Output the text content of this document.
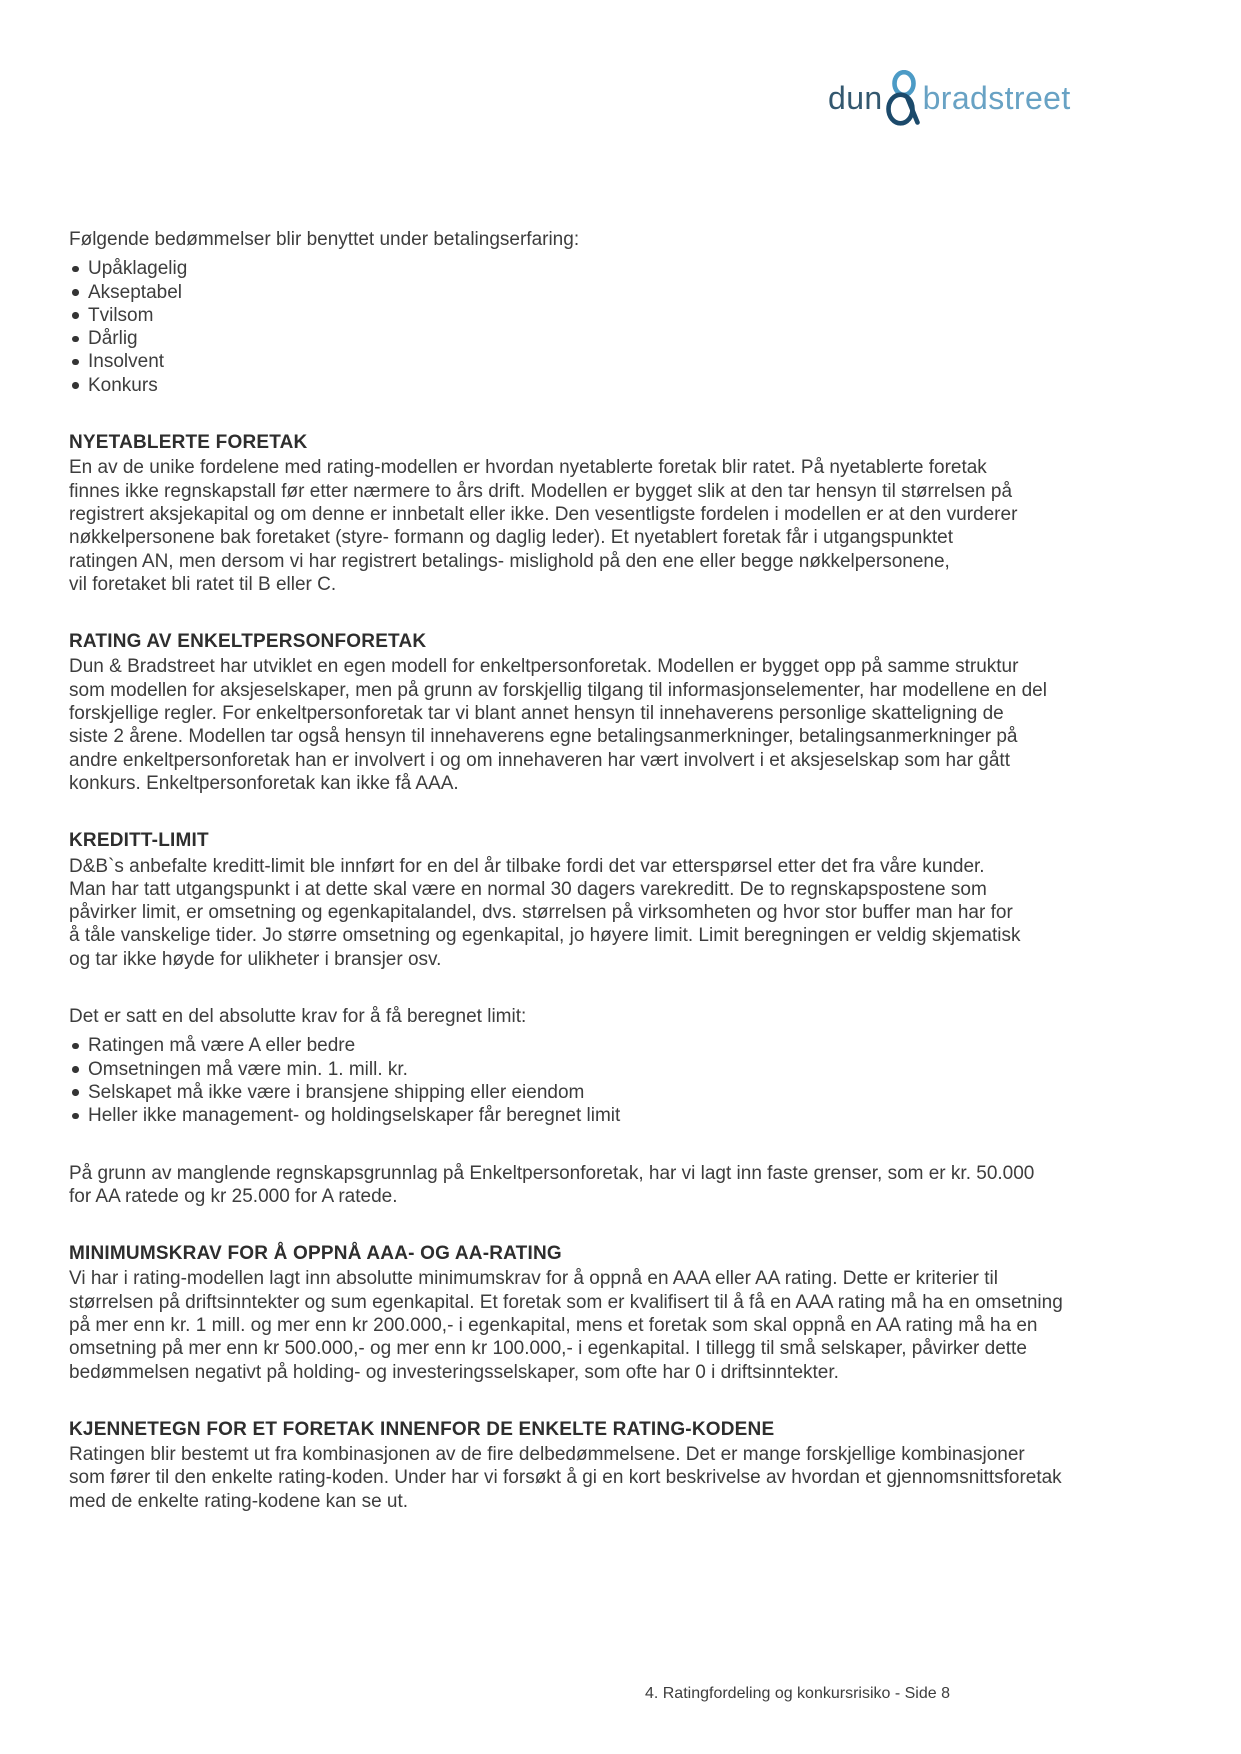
dun bradstreet
Følgende bedømmelser blir benyttet under betalingserfaring:
Upåklagelig
Akseptabel
Tvilsom
Dårlig
Insolvent
Konkurs
NYETABLERTE FORETAK
En av de unike fordelene med rating-modellen er hvordan nyetablerte foretak blir ratet. På nyetablerte foretak
finnes ikke regnskapstall før etter nærmere to års drift. Modellen er bygget slik at den tar hensyn til størrelsen på
registrert aksjekapital og om denne er innbetalt eller ikke. Den vesentligste fordelen i modellen er at den vurderer
nøkkelpersonene bak foretaket (styre- formann og daglig leder). Et nyetablert foretak får i utgangspunktet
ratingen AN, men dersom vi har registrert betalings- mislighold på den ene eller begge nøkkelpersonene,
vil foretaket bli ratet til B eller C.
RATING AV ENKELTPERSONFORETAK
Dun & Bradstreet har utviklet en egen modell for enkeltpersonforetak. Modellen er bygget opp på samme struktur
som modellen for aksjeselskaper, men på grunn av forskjellig tilgang til informasjonselementer, har modellene en del
forskjellige regler. For enkeltpersonforetak tar vi blant annet hensyn til innehaverens personlige skatteligning de
siste 2 årene. Modellen tar også hensyn til innehaverens egne betalingsanmerkninger, betalingsanmerkninger på
andre enkeltpersonforetak han er involvert i og om innehaveren har vært involvert i et aksjeselskap som har gått
konkurs. Enkeltpersonforetak kan ikke få AAA.
KREDITT-LIMIT
D&B`s anbefalte kreditt-limit ble innført for en del år tilbake fordi det var etterspørsel etter det fra våre kunder.
Man har tatt utgangspunkt i at dette skal være en normal 30 dagers varekreditt. De to regnskapspostene som
påvirker limit, er omsetning og egenkapitalandel, dvs. størrelsen på virksomheten og hvor stor buffer man har for
å tåle vanskelige tider. Jo større omsetning og egenkapital, jo høyere limit. Limit beregningen er veldig skjematisk
og tar ikke høyde for ulikheter i bransjer osv.
Det er satt en del absolutte krav for å få beregnet limit:
Ratingen må være A eller bedre
Omsetningen må være min. 1. mill. kr.
Selskapet må ikke være i bransjene shipping eller eiendom
Heller ikke management- og holdingselskaper får beregnet limit
På grunn av manglende regnskapsgrunnlag på Enkeltpersonforetak, har vi lagt inn faste grenser, som er kr. 50.000
for AA ratede og kr 25.000 for A ratede.
MINIMUMSKRAV FOR Å OPPNÅ AAA- OG AA-RATING
Vi har i rating-modellen lagt inn absolutte minimumskrav for å oppnå en AAA eller AA rating. Dette er kriterier til
størrelsen på driftsinntekter og sum egenkapital. Et foretak som er kvalifisert til å få en AAA rating må ha en omsetning
på mer enn kr. 1 mill. og mer enn kr 200.000,- i egenkapital, mens et foretak som skal oppnå en AA rating må ha en
omsetning på mer enn kr 500.000,- og mer enn kr 100.000,- i egenkapital. I tillegg til små selskaper, påvirker dette
bedømmelsen negativt på holding- og investeringsselskaper, som ofte har 0 i driftsinntekter.
KJENNETEGN FOR ET FORETAK INNENFOR DE ENKELTE RATING-KODENE
Ratingen blir bestemt ut fra kombinasjonen av de fire delbedømmelsene. Det er mange forskjellige kombinasjoner
som fører til den enkelte rating-koden. Under har vi forsøkt å gi en kort beskrivelse av hvordan et gjennomsnittsforetak
med de enkelte rating-kodene kan se ut.
4. Ratingfordeling og konkursrisiko - Side 8
